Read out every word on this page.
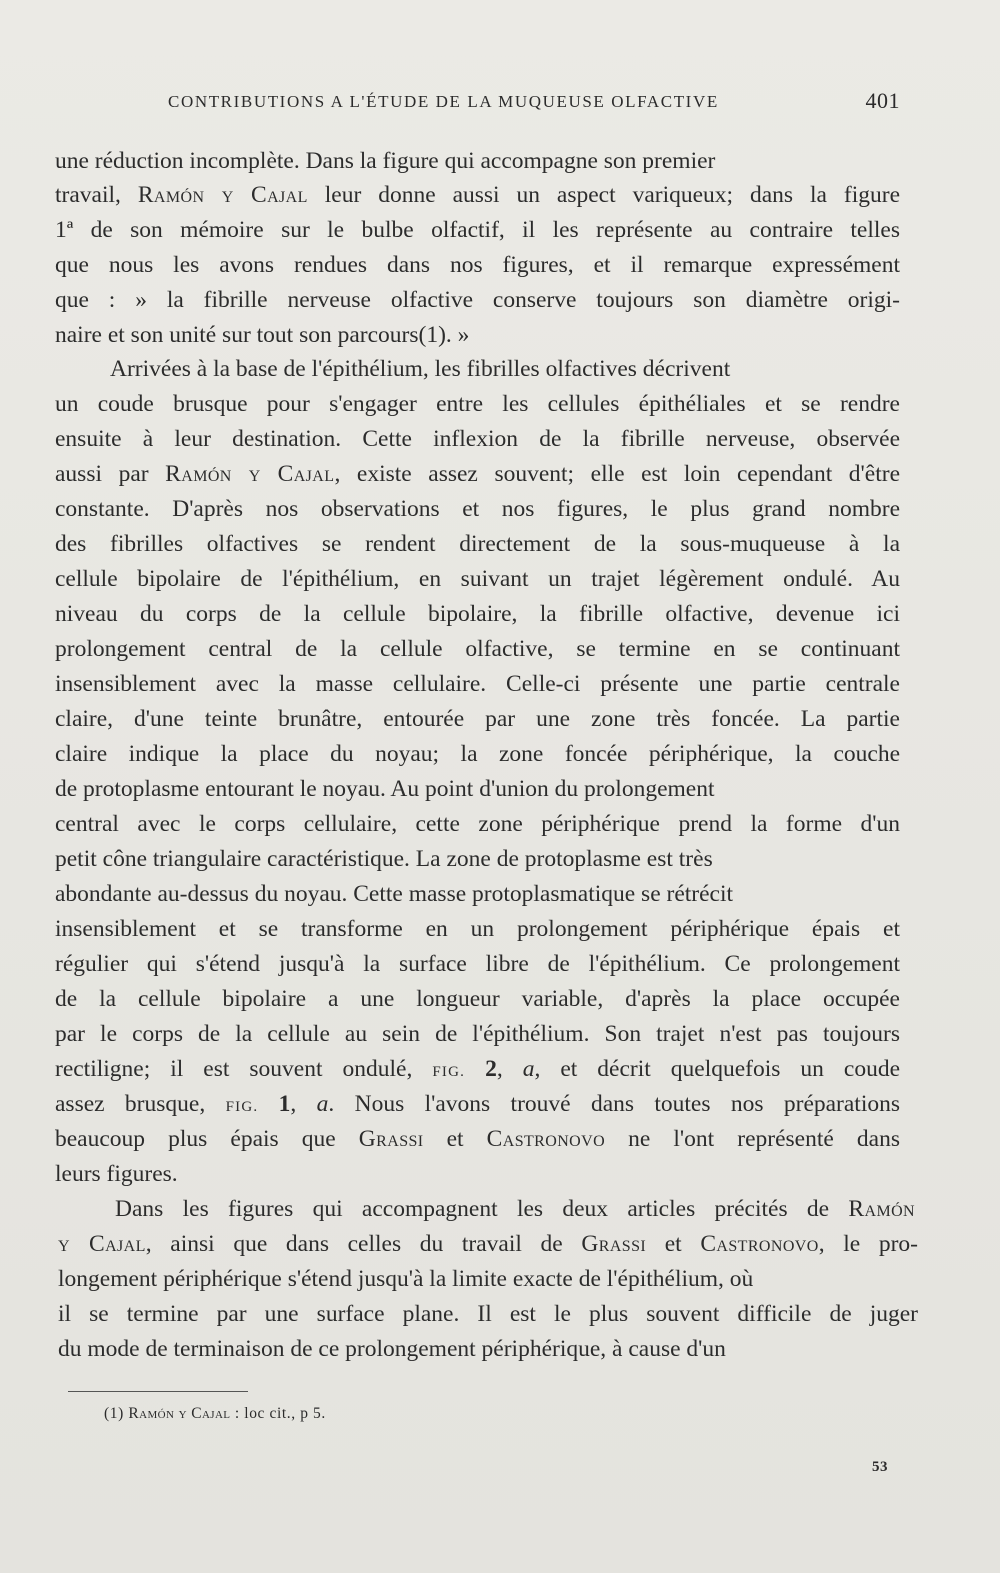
CONTRIBUTIONS A L'ÉTUDE DE LA MUQUEUSE OLFACTIVE	401
une réduction incomplète. Dans la figure qui accompagne son premier
travail, Ramón y Cajal leur donne aussi un aspect variqueux; dans la figure
1ª de son mémoire sur le bulbe olfactif, il les représente au contraire telles
que nous les avons rendues dans nos figures, et il remarque expressément
que : » la fibrille nerveuse olfactive conserve toujours son diamètre origi-
naire et son unité sur tout son parcours(1). »
Arrivées à la base de l'épithélium, les fibrilles olfactives décrivent
un coude brusque pour s'engager entre les cellules épithéliales et se rendre
ensuite à leur destination. Cette inflexion de la fibrille nerveuse, observée
aussi par Ramón y Cajal, existe assez souvent; elle est loin cependant d'être
constante. D'après nos observations et nos figures, le plus grand nombre
des fibrilles olfactives se rendent directement de la sous-muqueuse à la
cellule bipolaire de l'épithélium, en suivant un trajet légèrement ondulé. Au
niveau du corps de la cellule bipolaire, la fibrille olfactive, devenue ici
prolongement central de la cellule olfactive, se termine en se continuant
insensiblement avec la masse cellulaire. Celle-ci présente une partie centrale
claire, d'une teinte brunâtre, entourée par une zone très foncée. La partie
claire indique la place du noyau; la zone foncée périphérique, la couche
de protoplasme entourant le noyau. Au point d'union du prolongement
central avec le corps cellulaire, cette zone périphérique prend la forme d'un
petit cône triangulaire caractéristique. La zone de protoplasme est très
abondante au-dessus du noyau. Cette masse protoplasmatique se rétrécit
insensiblement et se transforme en un prolongement périphérique épais et
régulier qui s'étend jusqu'à la surface libre de l'épithélium. Ce prolongement
de la cellule bipolaire a une longueur variable, d'après la place occupée
par le corps de la cellule au sein de l'épithélium. Son trajet n'est pas toujours
rectiligne; il est souvent ondulé, FIG. 2, a, et décrit quelquefois un coude
assez brusque, FIG. 1, a. Nous l'avons trouvé dans toutes nos préparations
beaucoup plus épais que Grassi et Castronovo ne l'ont représenté dans
leurs figures.
Dans les figures qui accompagnent les deux articles précités de Ramón
y Cajal, ainsi que dans celles du travail de Grassi et Castronovo, le pro-
longement périphérique s'étend jusqu'à la limite exacte de l'épithélium, où
il se termine par une surface plane. Il est le plus souvent difficile de juger
du mode de terminaison de ce prolongement périphérique, à cause d'un
(1) Ramón y Cajal : loc cit., p 5.
53
